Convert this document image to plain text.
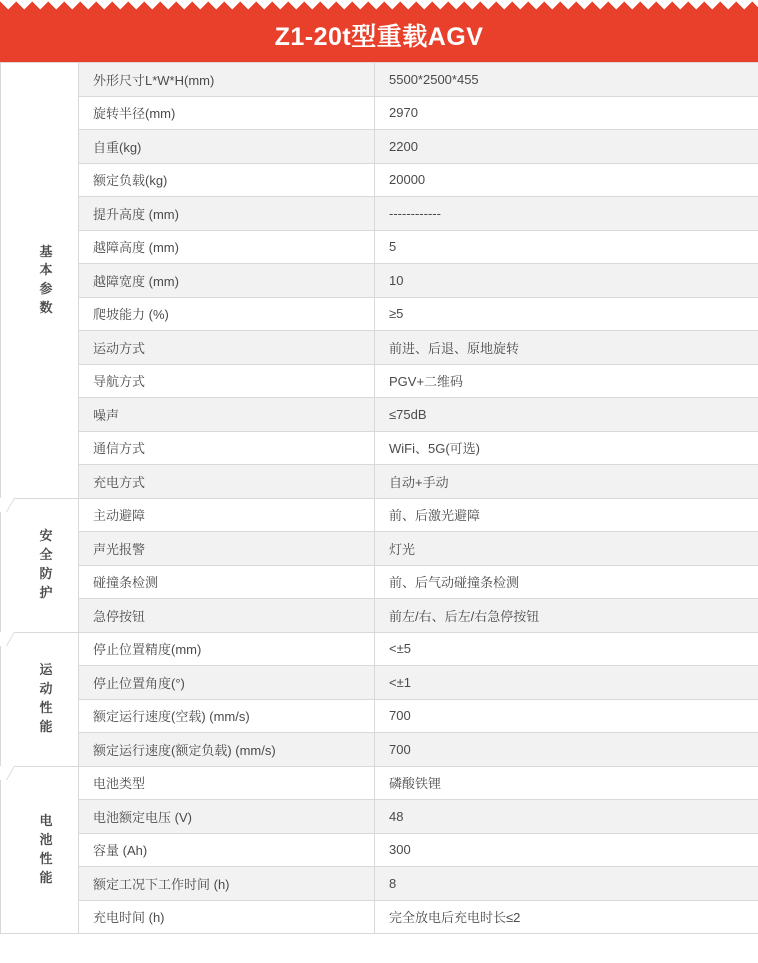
Z1-20t型重载AGV
基
本
参
数	外形尺寸L*W*H(mm)	5500*2500*455
	旋转半径(mm)	2970
	自重(kg)	2200
	额定负载(kg)	20000
	提升高度 (mm)	------------
	越障高度 (mm)	5
	越障宽度 (mm)	10
	爬坡能力 (%)	≥5
	运动方式	前进、后退、原地旋转
	导航方式	PGV+二维码
	噪声	≤75dB
	通信方式	WiFi、5G(可选)
	充电方式	自动+手动

安
全
防
护	主动避障	前、后激光避障
	声光报警	灯光
	碰撞条检测	前、后气动碰撞条检测
	急停按钮	前左/右、后左/右急停按钮

运
动
性
能	停止位置精度(mm)	<±5
	停止位置角度(°)	<±1
	额定运行速度(空载) (mm/s)	700
	额定运行速度(额定负载) (mm/s)	700

电
池
性
能	电池类型	磷酸铁锂
	电池额定电压 (V)	48
	容量 (Ah)	300
	额定工况下工作时间 (h)	8
	充电时间 (h)	完全放电后充电时长≤2
